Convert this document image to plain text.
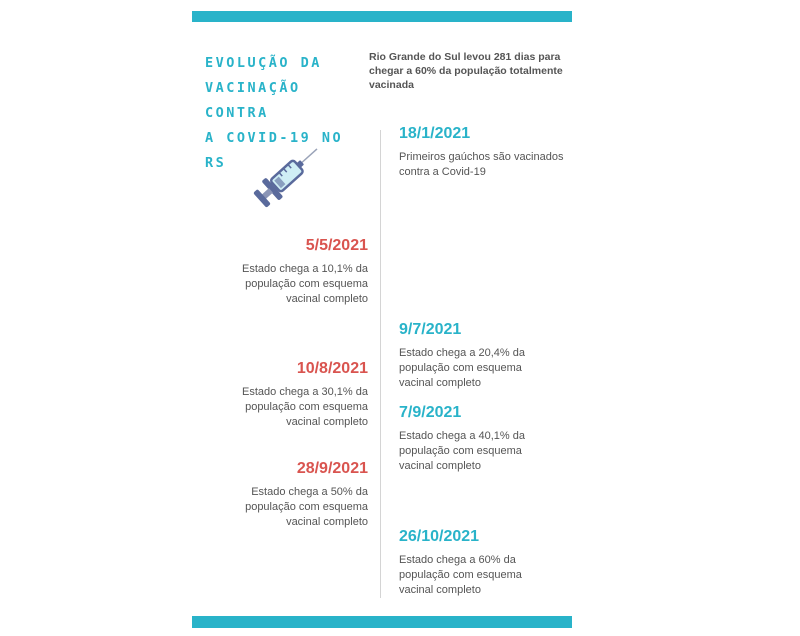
EVOLUÇÃO DA
VACINAÇÃO CONTRA
A COVID-19 NO RS
Rio Grande do Sul levou 281 dias para chegar a 60% da população totalmente vacinada
18/1/2021
Primeiros gaúchos são vacinados
contra a Covid-19
5/5/2021
Estado chega a 10,1% da
população com esquema
vacinal completo
9/7/2021
Estado chega a 20,4% da
população com esquema
vacinal completo
10/8/2021
Estado chega a 30,1% da
população com esquema
vacinal completo
7/9/2021
Estado chega a 40,1% da
população com esquema
vacinal completo
28/9/2021
Estado chega a 50% da
população com esquema
vacinal completo
26/10/2021
Estado chega a 60% da
população com esquema
vacinal completo
